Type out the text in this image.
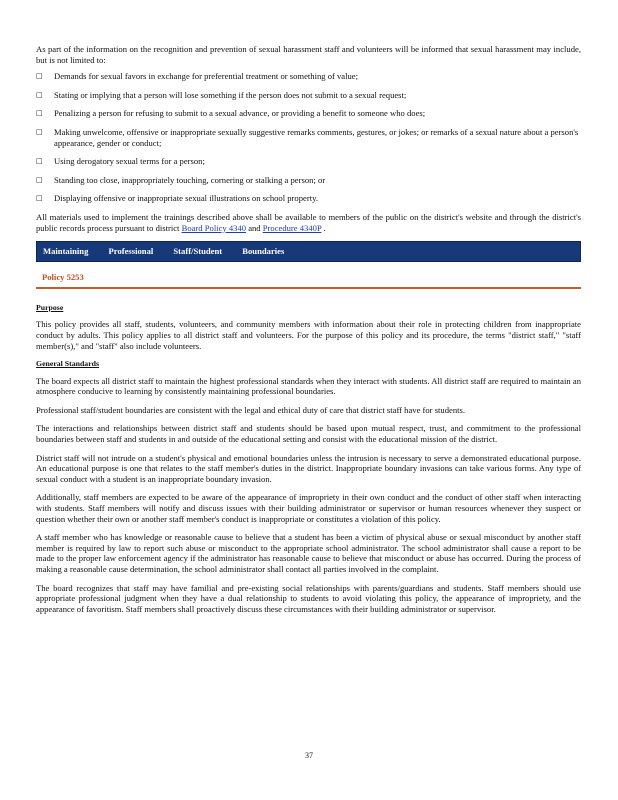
As part of the information on the recognition and prevention of sexual harassment staff and volunteers will be informed that sexual harassment may include, but is not limited to:

□ Demands for sexual favors in exchange for preferential treatment or something of value;
□ Stating or implying that a person will lose something if the person does not submit to a sexual request;
□ Penalizing a person for refusing to submit to a sexual advance, or providing a benefit to someone who does;
□ Making unwelcome, offensive or inappropriate sexually suggestive remarks comments, gestures, or jokes; or remarks of a sexual nature about a person's appearance, gender or conduct;
□ Using derogatory sexual terms for a person;
□ Standing too close, inappropriately touching, cornering or stalking a person; or
□ Displaying offensive or inappropriate sexual illustrations on school property.

All materials used to implement the trainings described above shall be available to members of the public on the district's website and through the district's public records process pursuant to district Board Policy 4340 and Procedure 4340P .

Maintaining Professional Staff/Student Boundaries
Policy 5253
Purpose

This policy provides all staff, students, volunteers, and community members with information about their role in protecting children from inappropriate conduct by adults. This policy applies to all district staff and volunteers. For the purpose of this policy and its procedure, the terms "district staff," "staff member(s)," and "staff" also include volunteers.

General Standards

The board expects all district staff to maintain the highest professional standards when they interact with students. All district staff are required to maintain an atmosphere conducive to learning by consistently maintaining professional boundaries.

Professional staff/student boundaries are consistent with the legal and ethical duty of care that district staff have for students.

The interactions and relationships between district staff and students should be based upon mutual respect, trust, and commitment to the professional boundaries between staff and students in and outside of the educational setting and consist with the educational mission of the district.

District staff will not intrude on a student's physical and emotional boundaries unless the intrusion is necessary to serve a demonstrated educational purpose. An educational purpose is one that relates to the staff member's duties in the district. Inappropriate boundary invasions can take various forms. Any type of sexual conduct with a student is an inappropriate boundary invasion.

Additionally, staff members are expected to be aware of the appearance of impropriety in their own conduct and the conduct of other staff when interacting with students. Staff members will notify and discuss issues with their building administrator or supervisor or human resources whenever they suspect or question whether their own or another staff member's conduct is inappropriate or constitutes a violation of this policy.

A staff member who has knowledge or reasonable cause to believe that a student has been a victim of physical abuse or sexual misconduct by another staff member is required by law to report such abuse or misconduct to the appropriate school administrator. The school administrator shall cause a report to be made to the proper law enforcement agency if the administrator has reasonable cause to believe that misconduct or abuse has occurred. During the process of making a reasonable cause determination, the school administrator shall contact all parties involved in the complaint.

The board recognizes that staff may have familial and pre-existing social relationships with parents/guardians and students. Staff members should use appropriate professional judgment when they have a dual relationship to students to avoid violating this policy, the appearance of impropriety, and the appearance of favoritism. Staff members shall proactively discuss these circumstances with their building administrator or supervisor.

37
